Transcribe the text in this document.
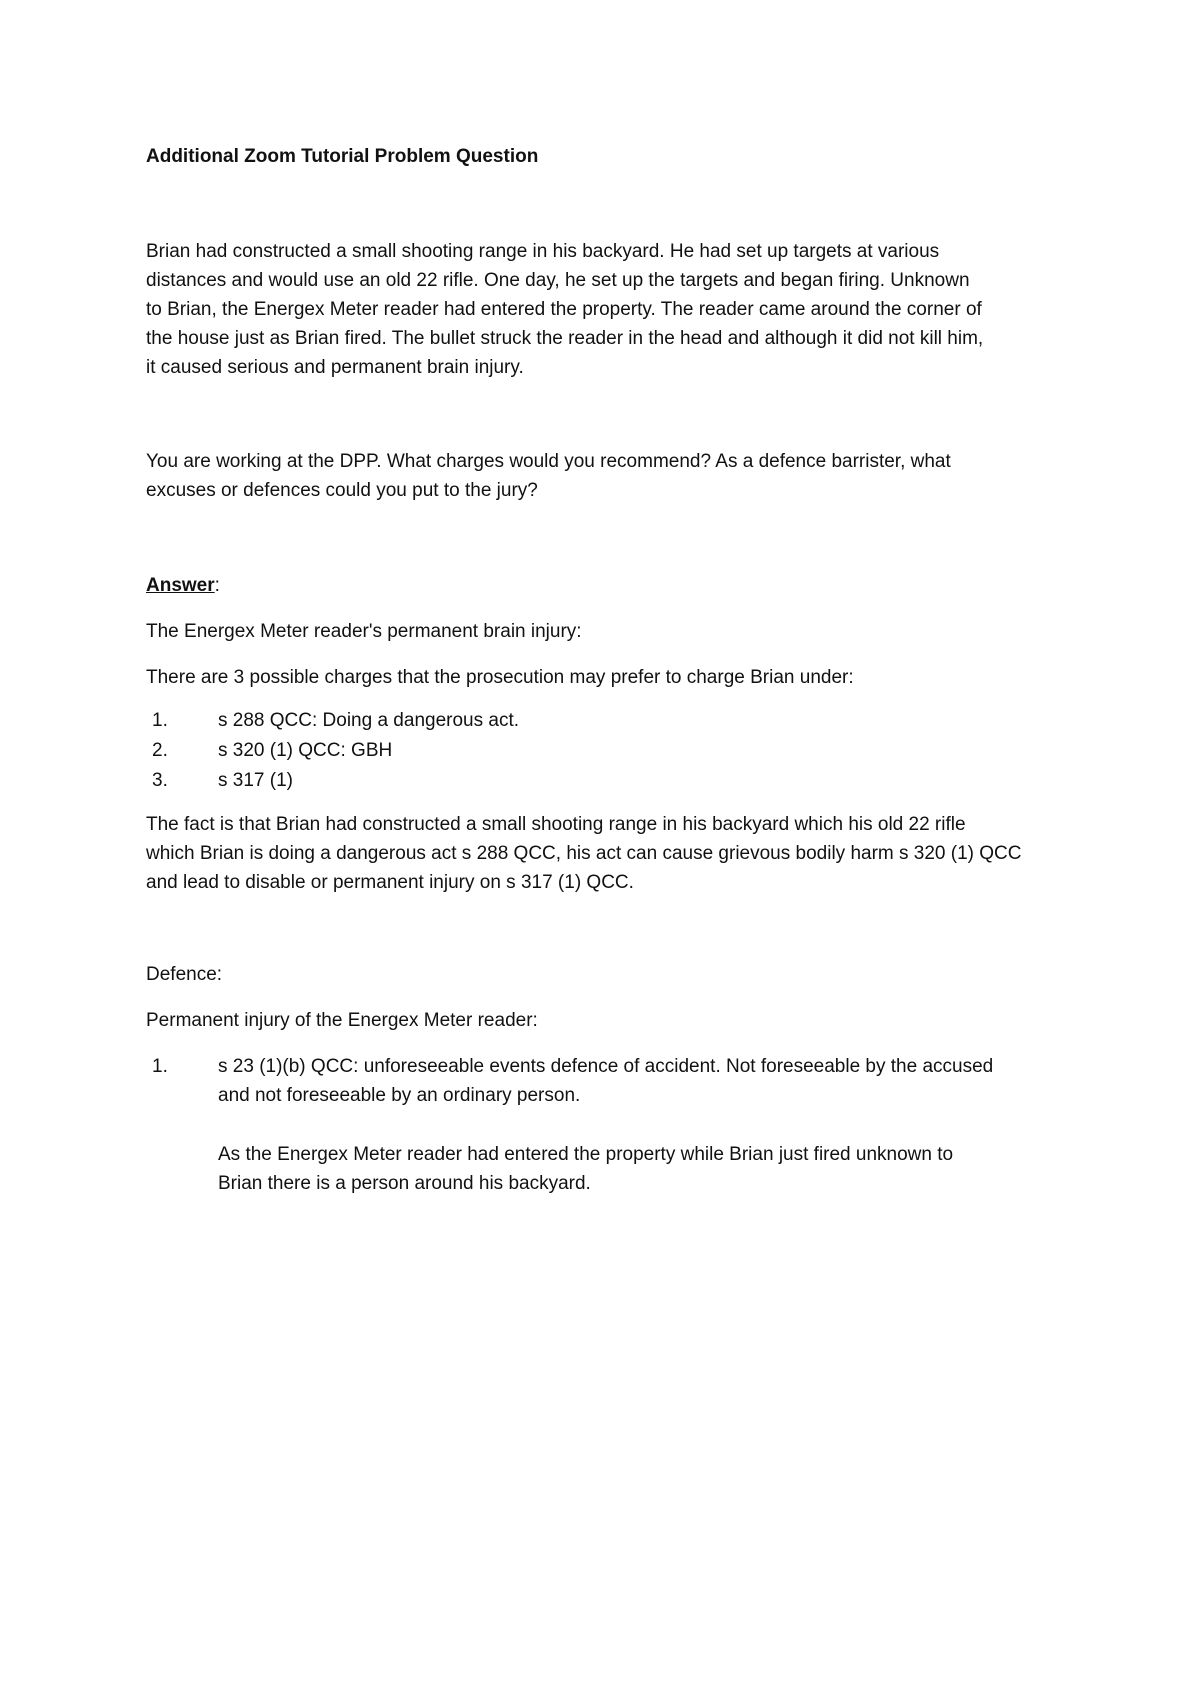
Additional Zoom Tutorial Problem Question

Brian had constructed a small shooting range in his backyard. He had set up targets at various

distances and would use an old 22 rifle. One day, he set up the targets and began firing. Unknown

to Brian, the Energex Meter reader had entered the property. The reader came around the corner of

the house just as Brian fired. The bullet struck the reader in the head and although it did not kill him,

it caused serious and permanent brain injury.

You are working at the DPP. What charges would you recommend? As a defence barrister, what

excuses or defences could you put to the jury?

Answer:

The Energex Meter reader's permanent brain injury:

There are 3 possible charges that the prosecution may prefer to charge Brian under:

1.	s 288 QCC: Doing a dangerous act.
2.	s 320 (1) QCC: GBH
3.	s 317 (1)

The fact is that Brian had constructed a small shooting range in his backyard which his old 22 rifle

which Brian is doing a dangerous act s 288 QCC, his act can cause grievous bodily harm s 320 (1) QCC

and lead to disable or permanent injury on s 317 (1) QCC.

Defence:

Permanent injury of the Energex Meter reader:

1.	s 23 (1)(b) QCC: unforeseeable events defence of accident. Not foreseeable by the accused

and not foreseeable by an ordinary person.

As the Energex Meter reader had entered the property while Brian just fired unknown to

Brian there is a person around his backyard.
